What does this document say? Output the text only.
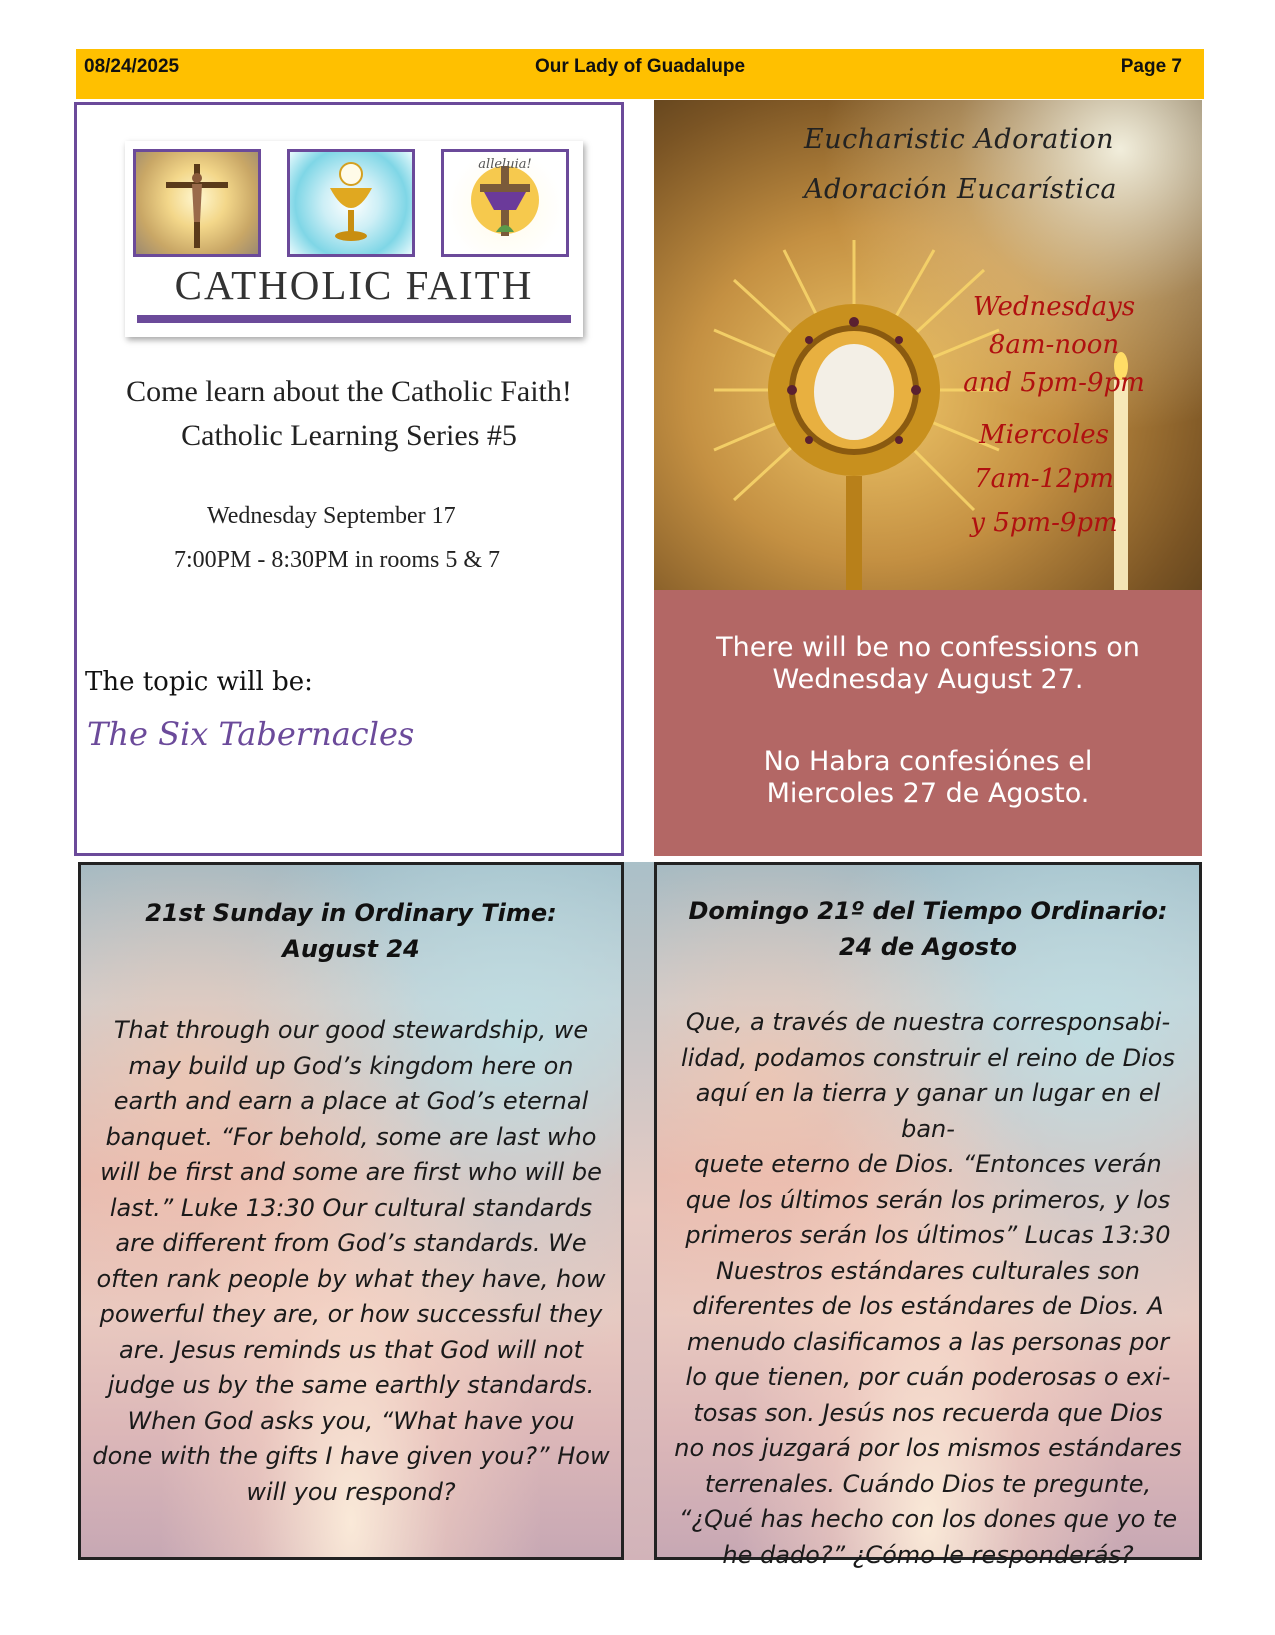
08/24/2025	Our Lady of Guadalupe	Page 7
alleluia!
CATHOLIC FAITH
Come learn about the Catholic Faith!
Catholic Learning Series #5
Wednesday September 17
7:00PM - 8:30PM in rooms 5 & 7
The topic will be:
The Six Tabernacles
Eucharistic Adoration
Adoración Eucarística
Wednesdays
8am-noon
and 5pm-9pm
Miercoles
7am-12pm
y 5pm-9pm
There will be no confessions on
Wednesday August 27.
No Habra confesiónes el
Miercoles 27 de Agosto.
21st Sunday in Ordinary Time:
August 24
That through our good stewardship, we
may build up God’s kingdom here on
earth and earn a place at God’s eternal
banquet. “For behold, some are last who
will be first and some are first who will be
last.” Luke 13:30 Our cultural standards
are different from God’s standards. We
often rank people by what they have, how
powerful they are, or how successful they
are. Jesus reminds us that God will not
judge us by the same earthly standards.
When God asks you, “What have you
done with the gifts I have given you?” How
will you respond?
Domingo 21º del Tiempo Ordinario:
24 de Agosto
Que, a través de nuestra corresponsabi-
lidad, podamos construir el reino de Dios
aquí en la tierra y ganar un lugar en el ban-
quete eterno de Dios. “Entonces verán
que los últimos serán los primeros, y los
primeros serán los últimos” Lucas 13:30
Nuestros estándares culturales son
diferentes de los estándares de Dios. A
menudo clasificamos a las personas por
lo que tienen, por cuán poderosas o exi-
tosas son. Jesús nos recuerda que Dios
no nos juzgará por los mismos estándares
terrenales. Cuándo Dios te pregunte,
“¿Qué has hecho con los dones que yo te
he dado?” ¿Cómo le responderás?
